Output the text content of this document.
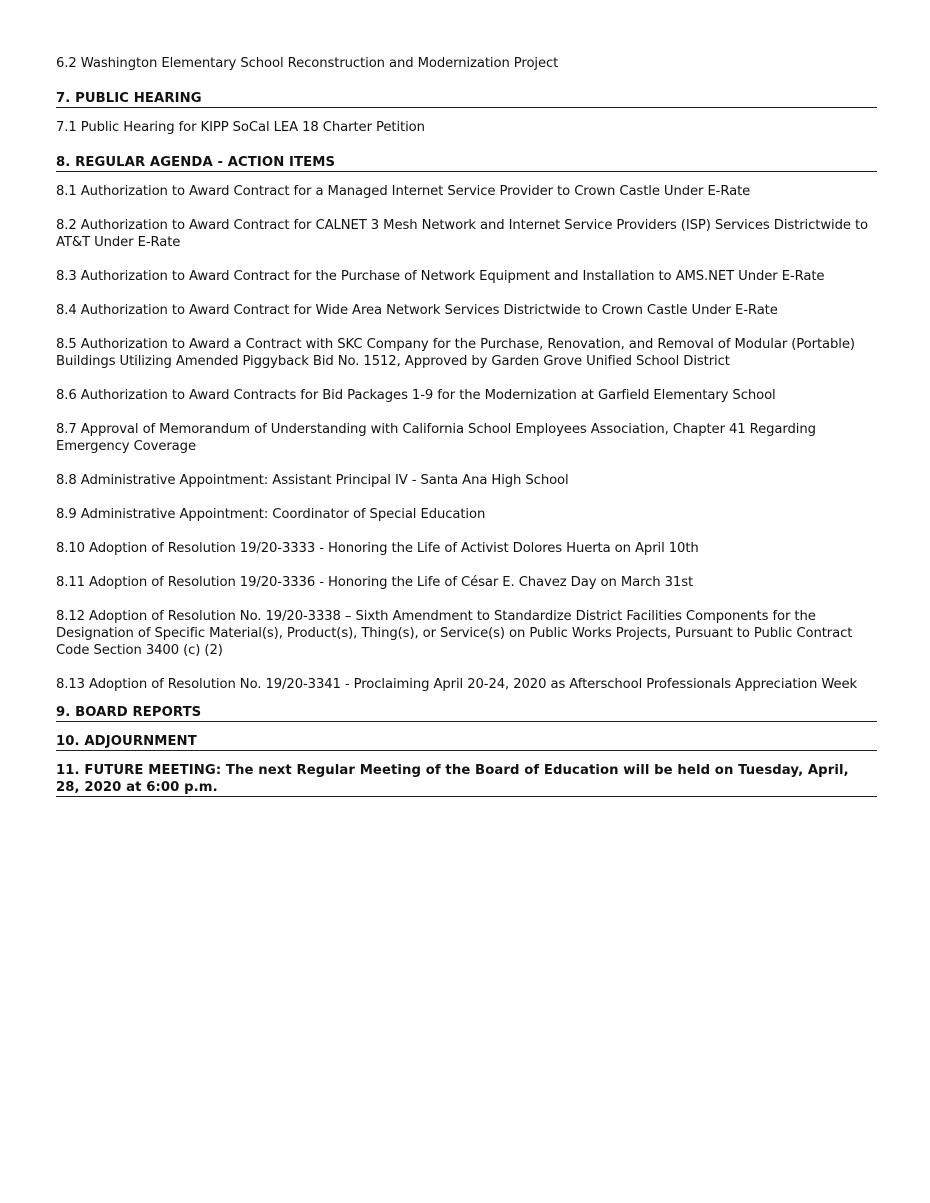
6.2 Washington Elementary School Reconstruction and Modernization Project
7. PUBLIC HEARING
7.1 Public Hearing for KIPP SoCal LEA 18 Charter Petition
8. REGULAR AGENDA - ACTION ITEMS
8.1 Authorization to Award Contract for a Managed Internet Service Provider to Crown Castle Under E-Rate
8.2 Authorization to Award Contract for CALNET 3 Mesh Network and Internet Service Providers (ISP) Services Districtwide to AT&T Under E-Rate
8.3 Authorization to Award Contract for the Purchase of Network Equipment and Installation to AMS.NET Under E-Rate
8.4 Authorization to Award Contract for Wide Area Network Services Districtwide to Crown Castle Under E-Rate
8.5 Authorization to Award a Contract with SKC Company for the Purchase, Renovation, and Removal of Modular (Portable) Buildings Utilizing Amended Piggyback Bid No. 1512, Approved by Garden Grove Unified School District
8.6 Authorization to Award Contracts for Bid Packages 1-9 for the Modernization at Garfield Elementary School
8.7 Approval of Memorandum of Understanding with California School Employees Association, Chapter 41 Regarding Emergency Coverage
8.8 Administrative Appointment: Assistant Principal IV - Santa Ana High School
8.9 Administrative Appointment: Coordinator of Special Education
8.10 Adoption of Resolution 19/20-3333 - Honoring the Life of Activist Dolores Huerta on April 10th
8.11 Adoption of Resolution 19/20-3336 - Honoring the Life of César E. Chavez Day on March 31st
8.12 Adoption of Resolution No. 19/20-3338 – Sixth Amendment to Standardize District Facilities Components for the Designation of Specific Material(s), Product(s), Thing(s), or Service(s) on Public Works Projects, Pursuant to Public Contract Code Section 3400 (c) (2)
8.13 Adoption of Resolution No. 19/20-3341 - Proclaiming April 20-24, 2020 as Afterschool Professionals Appreciation Week
9. BOARD REPORTS
10. ADJOURNMENT
11. FUTURE MEETING: The next Regular Meeting of the Board of Education will be held on Tuesday, April, 28, 2020 at 6:00 p.m.
